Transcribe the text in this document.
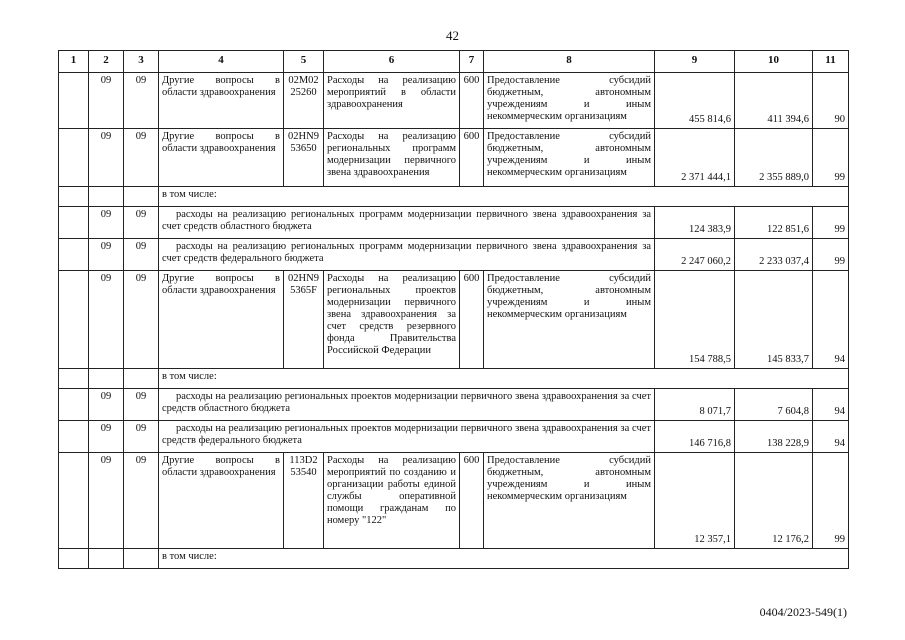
42
1	2	3	4	5	6	7	8	9	10	11
	09	09	Другие вопросы в области здравоохранения	02М02 25260	Расходы на реализацию мероприятий в области здравоохранения	600	Предоставление субсидий бюджетным, автономным учреждениям и иным некоммерческим организациям	455 814,6	411 394,6	90
	09	09	Другие вопросы в области здравоохранения	02HN9 53650	Расходы на реализацию региональных программ модернизации первичного звена здравоохранения	600	Предоставление субсидий бюджетным, автономным учреждениям и иным некоммерческим организациям	2 371 444,1	2 355 889,0	99
			в том числе:							
	09	09	расходы на реализацию региональных программ модернизации первичного звена здравоохранения за счет средств областного бюджета					124 383,9	122 851,6	99
	09	09	расходы на реализацию региональных программ модернизации первичного звена здравоохранения за счет средств федерального бюджета					2 247 060,2	2 233 037,4	99
	09	09	Другие вопросы в области здравоохранения	02HN9 5365F	Расходы на реализацию региональных проектов модернизации первичного звена здравоохранения за счет средств резервного фонда Правительства Российской Федерации	600	Предоставление субсидий бюджетным, автономным учреждениям и иным некоммерческим организациям	154 788,5	145 833,7	94
			в том числе:							
	09	09	расходы на реализацию региональных проектов модернизации первичного звена здравоохранения за счет средств областного бюджета					8 071,7	7 604,8	94
	09	09	расходы на реализацию региональных проектов модернизации первичного звена здравоохранения за счет средств федерального бюджета					146 716,8	138 228,9	94
	09	09	Другие вопросы в области здравоохранения	113D2 53540	Расходы на реализацию мероприятий по созданию и организации работы единой службы оперативной помощи гражданам по номеру "122"	600	Предоставление субсидий бюджетным, автономным учреждениям и иным некоммерческим организациям	12 357,1	12 176,2	99
			в том числе:							
0404/2023-549(1)
